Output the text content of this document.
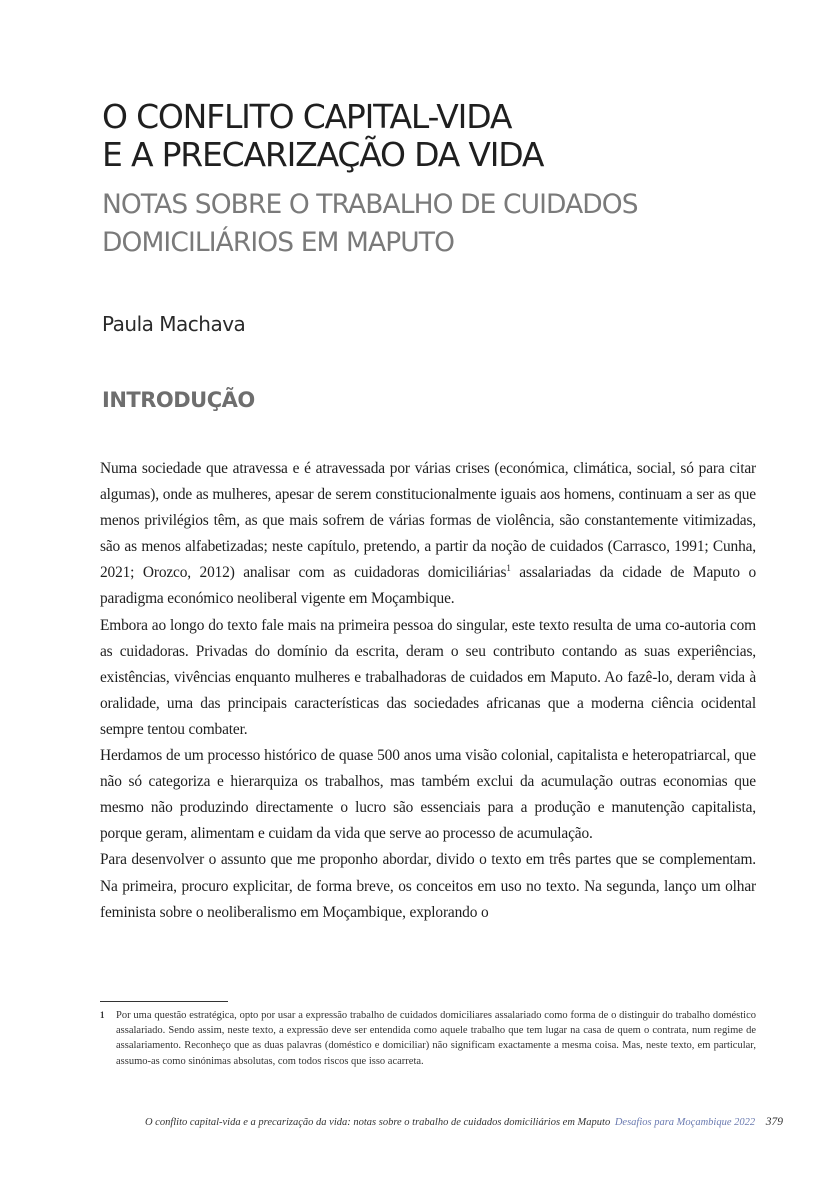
O CONFLITO CAPITAL-VIDA
E A PRECARIZAÇÃO DA VIDA
NOTAS SOBRE O TRABALHO DE CUIDADOS
DOMICILIÁRIOS EM MAPUTO
Paula Machava
INTRODUÇÃO

Numa sociedade que atravessa e é atravessada por várias crises (económica, climática, social, só para citar algumas), onde as mulheres, apesar de serem constitucionalmente iguais aos homens, continuam a ser as que menos privilégios têm, as que mais sofrem de várias formas de violência, são constantemente vitimizadas, são as menos alfabetizadas; neste capítulo, pretendo, a partir da noção de cuidados (Carrasco, 1991; Cunha, 2021; Orozco, 2012) analisar com as cuidadoras domiciliárias$^1$ assalariadas da cidade de Maputo o paradigma económico neoliberal vigente em Moçambique.

Embora ao longo do texto fale mais na primeira pessoa do singular, este texto resulta de uma co-autoria com as cuidadoras. Privadas do domínio da escrita, deram o seu contributo contando as suas experiências, existências, vivências enquanto mulheres e trabalhadoras de cuidados em Maputo. Ao fazê-lo, deram vida à oralidade, uma das principais características das sociedades africanas que a moderna ciência ocidental sempre tentou combater.

Herdamos de um processo histórico de quase 500 anos uma visão colonial, capitalista e heteropatriarcal, que não só categoriza e hierarquiza os trabalhos, mas também exclui da acumulação outras economias que mesmo não produzindo directamente o lucro são essenciais para a produção e manutenção capitalista, porque geram, alimentam e cuidam da vida que serve ao processo de acumulação.

Para desenvolver o assunto que me proponho abordar, divido o texto em três partes que se complementam. Na primeira, procuro explicitar, de forma breve, os conceitos em uso no texto. Na segunda, lanço um olhar feminista sobre o neoliberalismo em Moçambique, explorando o

1	Por uma questão estratégica, opto por usar a expressão trabalho de cuidados domiciliares assalariado como forma de o distinguir do trabalho doméstico assalariado. Sendo assim, neste texto, a expressão deve ser entendida como aquele trabalho que tem lugar na casa de quem o contrata, num regime de assalariamento. Reconheço que as duas palavras (doméstico e domiciliar) não significam exactamente a mesma coisa. Mas, neste texto, em particular, assumo-as como sinónimas absolutas, com todos riscos que isso acarreta.
O conflito capital-vida e a precarização da vida: notas sobre o trabalho de cuidados domiciliários em Maputo Desafios para Moçambique 2022 379
